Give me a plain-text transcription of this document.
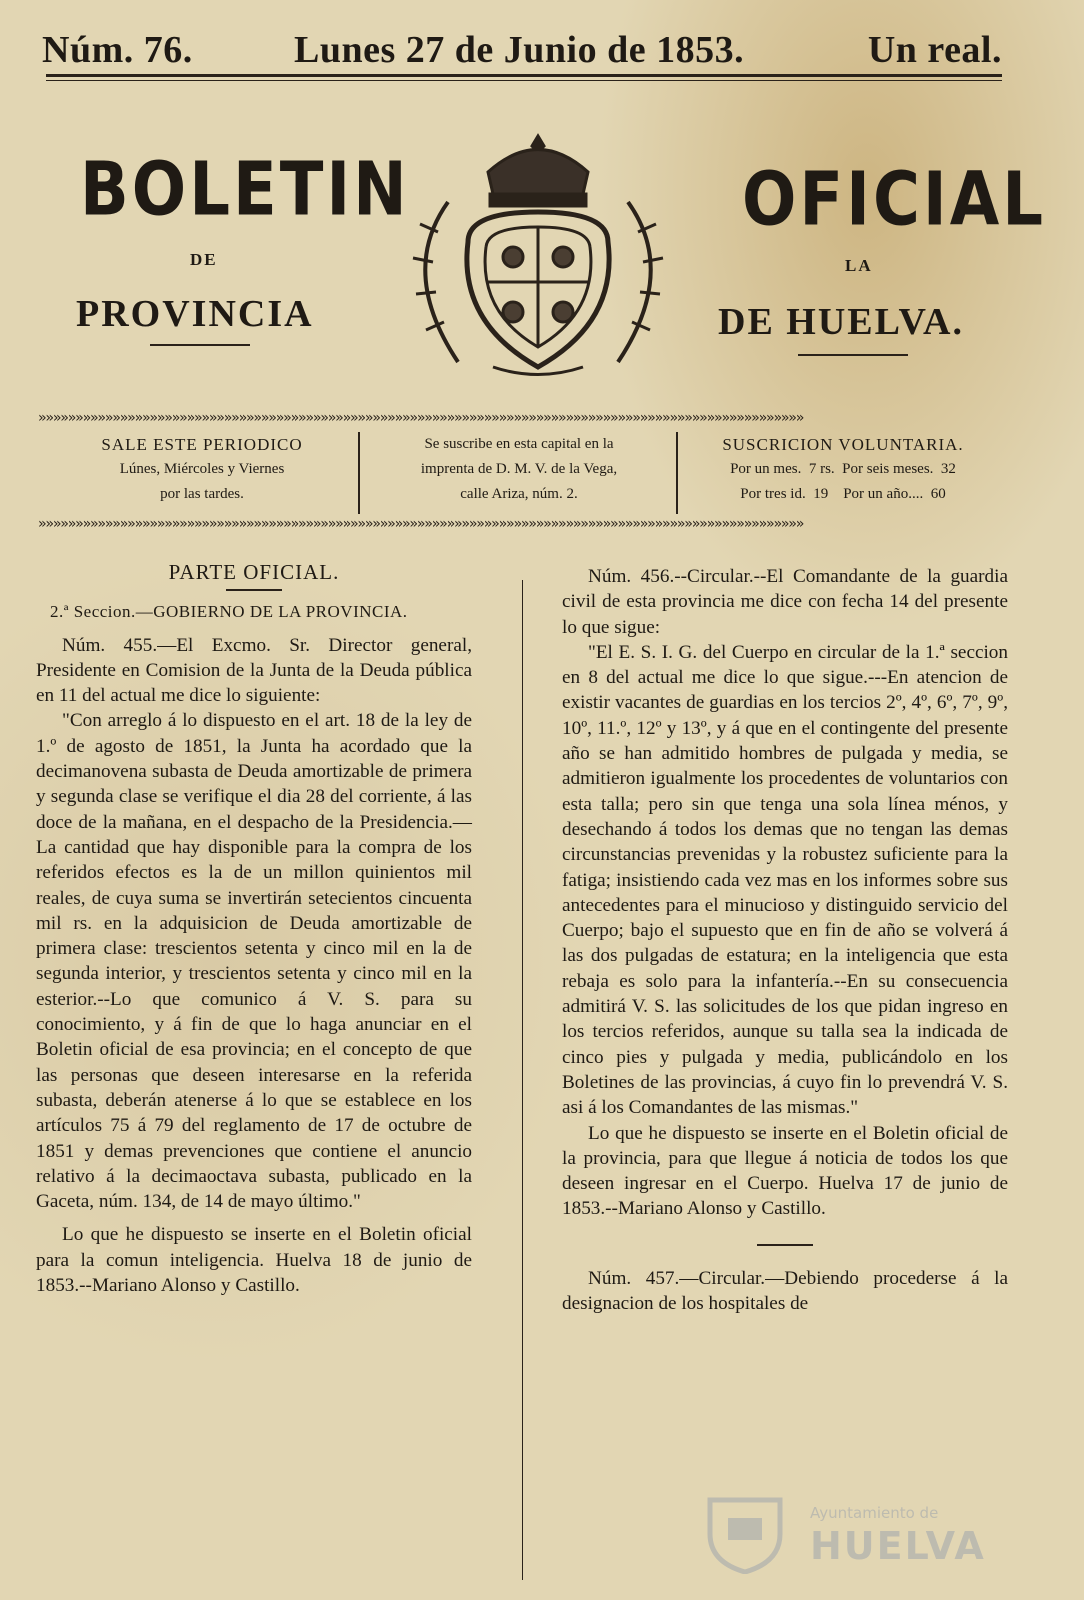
Núm. 76.	Lunes 27 de Junio de 1853.	Un real.
BOLETIN
DE
PROVINCIA
OFICIAL
LA
DE HUELVA.
»»»»»»»»»»»»»»»»»»»»»»»»»»»»»»»»»»»»»»»»»»»»»»»»»»»»»»»»»»»»»»»»»»»»»»»»»»»»»»»»»»»»»»»»»»»»»»»»»»»»»»»
»»»»»»»»»»»»»»»»»»»»»»»»»»»»»»»»»»»»»»»»»»»»»»»»»»»»»»»»»»»»»»»»»»»»»»»»»»»»»»»»»»»»»»»»»»»»»»»»»»»»»»»
SALE ESTE PERIODICO
Lúnes, Miércoles y Viernes
por las tardes.
Se suscribe en esta capital en la
imprenta de D. M. V. de la Vega,
calle Ariza, núm. 2.
SUSCRICION VOLUNTARIA.
Por un mes.  7 rs.  Por seis meses.  32
Por tres id.  19    Por un año....  60

PARTE OFICIAL.

2.ª Seccion.—GOBIERNO DE LA PROVINCIA.

Núm. 455.—El Excmo. Sr. Director general, Presidente en Comision de la Junta de la Deuda pública en 11 del actual me dice lo siguiente:

"Con arreglo á lo dispuesto en el art. 18 de la ley de 1.º de agosto de 1851, la Junta ha acordado que la decimanovena subasta de Deuda amortizable de primera y segunda clase se verifique el dia 28 del corriente, á las doce de la mañana, en el despacho de la Presidencia.—La cantidad que hay disponible para la compra de los referidos efectos es la de un millon quinientos mil reales, de cuya suma se invertirán setecientos cincuenta mil rs. en la adquisicion de Deuda amortizable de primera clase: trescientos setenta y cinco mil en la de segunda interior, y trescientos setenta y cinco mil en la esterior.--Lo que comunico á V. S. para su conocimiento, y á fin de que lo haga anunciar en el Boletin oficial de esa provincia; en el concepto de que las personas que deseen interesarse en la referida subasta, deberán atenerse á lo que se establece en los artículos 75 á 79 del reglamento de 17 de octubre de 1851 y demas prevenciones que contiene el anuncio relativo á la decimaoctava subasta, publicado en la Gaceta, núm. 134, de 14 de mayo último."

Lo que he dispuesto se inserte en el Boletin oficial para la comun inteligencia. Huelva 18 de junio de 1853.--Mariano Alonso y Castillo.

Núm. 456.--Circular.--El Comandante de la guardia civil de esta provincia me dice con fecha 14 del presente lo que sigue:

"El E. S. I. G. del Cuerpo en circular de la 1.ª seccion en 8 del actual me dice lo que sigue.---En atencion de existir vacantes de guardias en los tercios 2º, 4º, 6º, 7º, 9º, 10º, 11.º, 12º y 13º, y á que en el contingente del presente año se han admitido hombres de pulgada y media, se admitieron igualmente los procedentes de voluntarios con esta talla; pero sin que tenga una sola línea ménos, y desechando á todos los demas que no tengan las demas circunstancias prevenidas y la robustez suficiente para la fatiga; insistiendo cada vez mas en los informes sobre sus antecedentes para el minucioso y distinguido servicio del Cuerpo; bajo el supuesto que en fin de año se volverá á las dos pulgadas de estatura; en la inteligencia que esta rebaja es solo para la infantería.--En su consecuencia admitirá V. S. las solicitudes de los que pidan ingreso en los tercios referidos, aunque su talla sea la indicada de cinco pies y pulgada y media, publicándolo en los Boletines de las provincias, á cuyo fin lo prevendrá V. S. asi á los Comandantes de las mismas."

Lo que he dispuesto se inserte en el Boletin oficial de la provincia, para que llegue á noticia de todos los que deseen ingresar en el Cuerpo. Huelva 17 de junio de 1853.--Mariano Alonso y Castillo.

Núm. 457.—Circular.—Debiendo procederse á la designacion de los hospitales de

Ayuntamiento de
HUELVA
